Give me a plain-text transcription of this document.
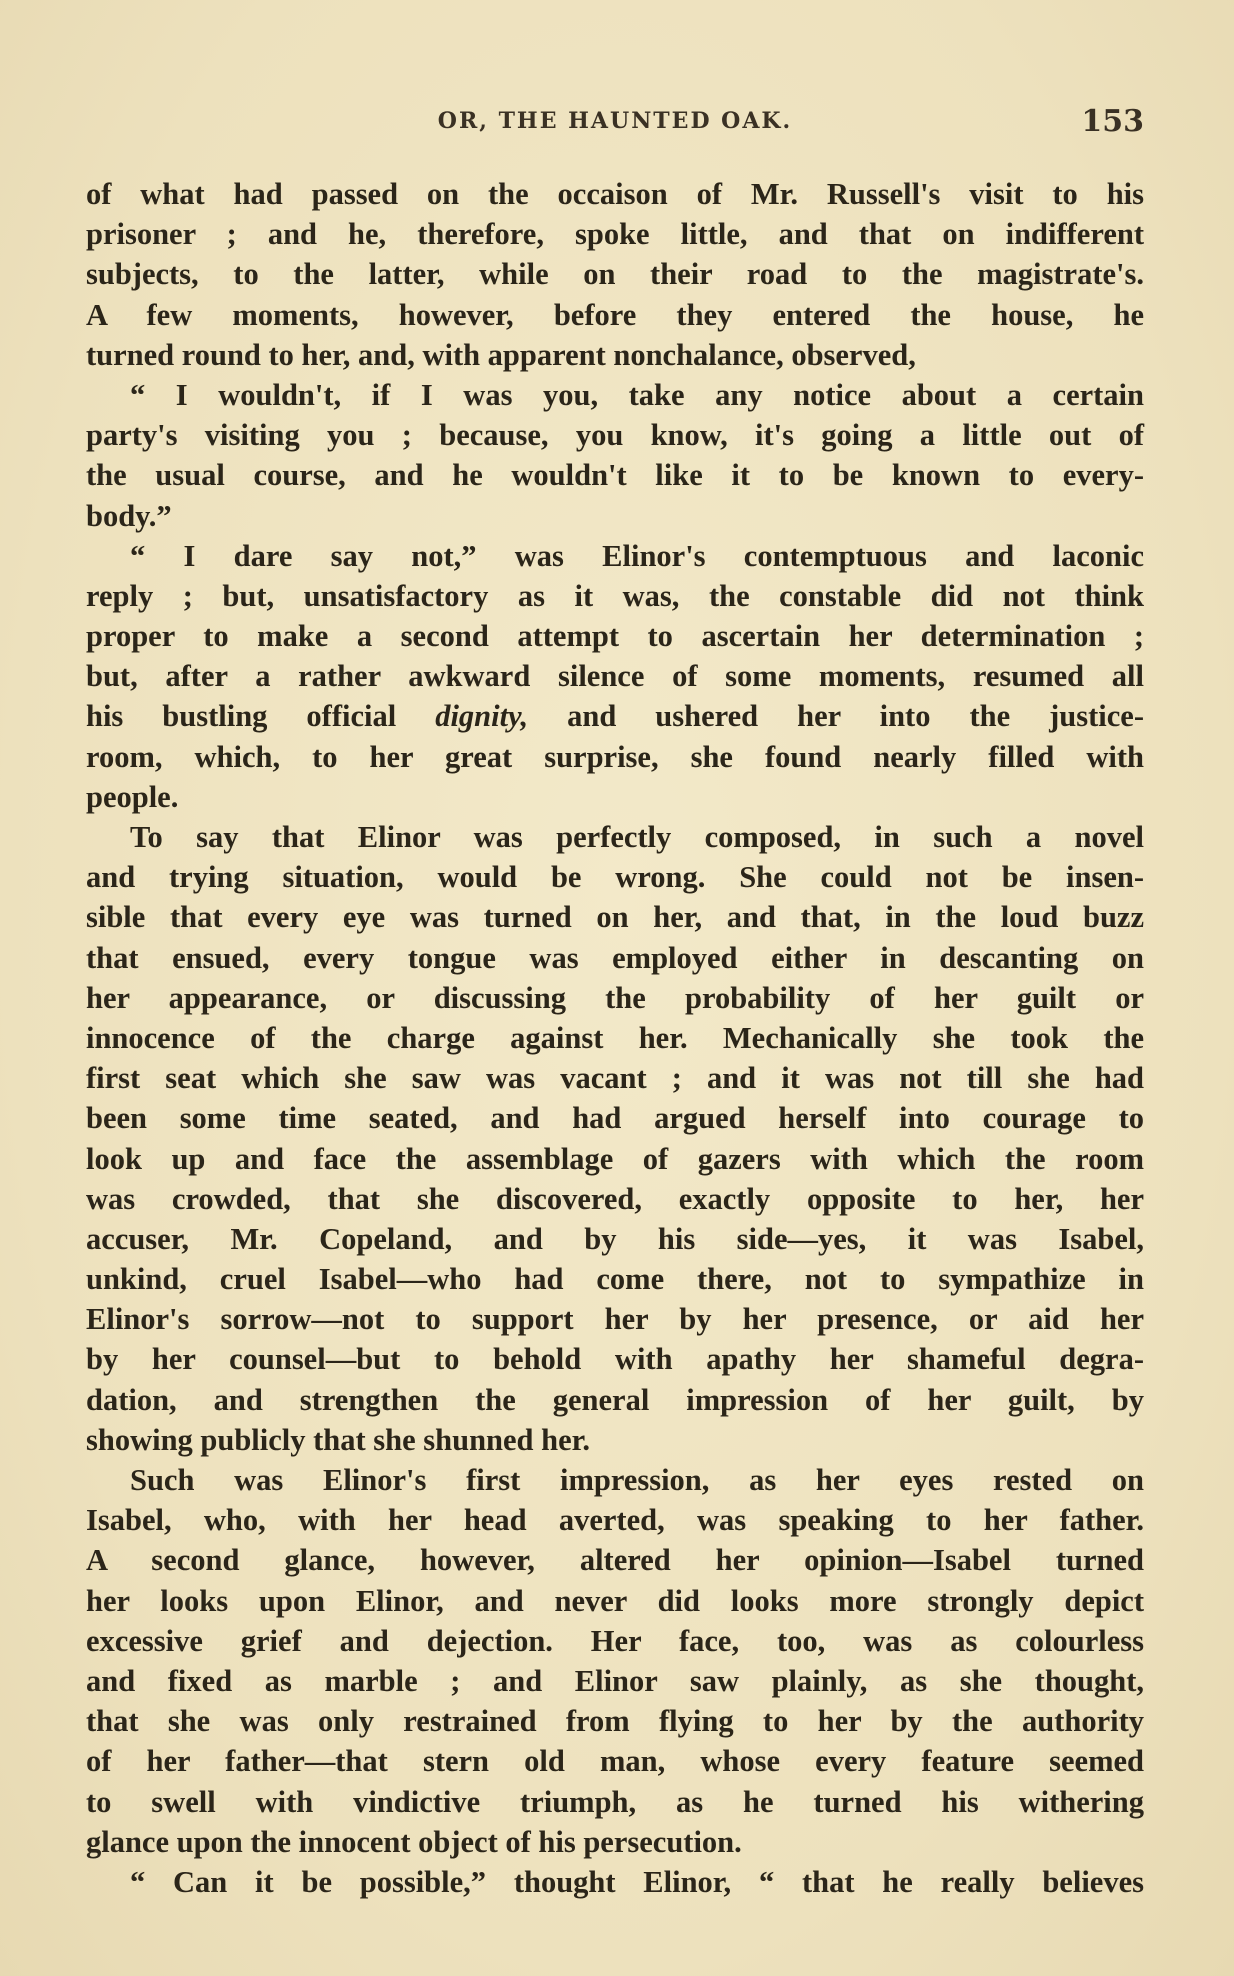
OR, THE HAUNTED OAK.	153
of what had passed on the occaison of Mr. Russell's visit to his
prisoner ; and he, therefore, spoke little, and that on indifferent
subjects, to the latter, while on their road to the magistrate's.
A few moments, however, before they entered the house, he
turned round to her, and, with apparent nonchalance, observed,
“ I wouldn't, if I was you, take any notice about a certain
party's visiting you ; because, you know, it's going a little out of
the usual course, and he wouldn't like it to be known to every-
body.”
“ I dare say not,” was Elinor's contemptuous and laconic
reply ; but, unsatisfactory as it was, the constable did not think
proper to make a second attempt to ascertain her determination ;
but, after a rather awkward silence of some moments, resumed all
his bustling official dignity, and ushered her into the justice-
room, which, to her great surprise, she found nearly filled with
people.
To say that Elinor was perfectly composed, in such a novel
and trying situation, would be wrong. She could not be insen-
sible that every eye was turned on her, and that, in the loud buzz
that ensued, every tongue was employed either in descanting on
her appearance, or discussing the probability of her guilt or
innocence of the charge against her. Mechanically she took the
first seat which she saw was vacant ; and it was not till she had
been some time seated, and had argued herself into courage to
look up and face the assemblage of gazers with which the room
was crowded, that she discovered, exactly opposite to her, her
accuser, Mr. Copeland, and by his side—yes, it was Isabel,
unkind, cruel Isabel—who had come there, not to sympathize in
Elinor's sorrow—not to support her by her presence, or aid her
by her counsel—but to behold with apathy her shameful degra-
dation, and strengthen the general impression of her guilt, by
showing publicly that she shunned her.
Such was Elinor's first impression, as her eyes rested on
Isabel, who, with her head averted, was speaking to her father.
A second glance, however, altered her opinion—Isabel turned
her looks upon Elinor, and never did looks more strongly depict
excessive grief and dejection. Her face, too, was as colourless
and fixed as marble ; and Elinor saw plainly, as she thought,
that she was only restrained from flying to her by the authority
of her father—that stern old man, whose every feature seemed
to swell with vindictive triumph, as he turned his withering
glance upon the innocent object of his persecution.
“ Can it be possible,” thought Elinor, “ that he really believes
